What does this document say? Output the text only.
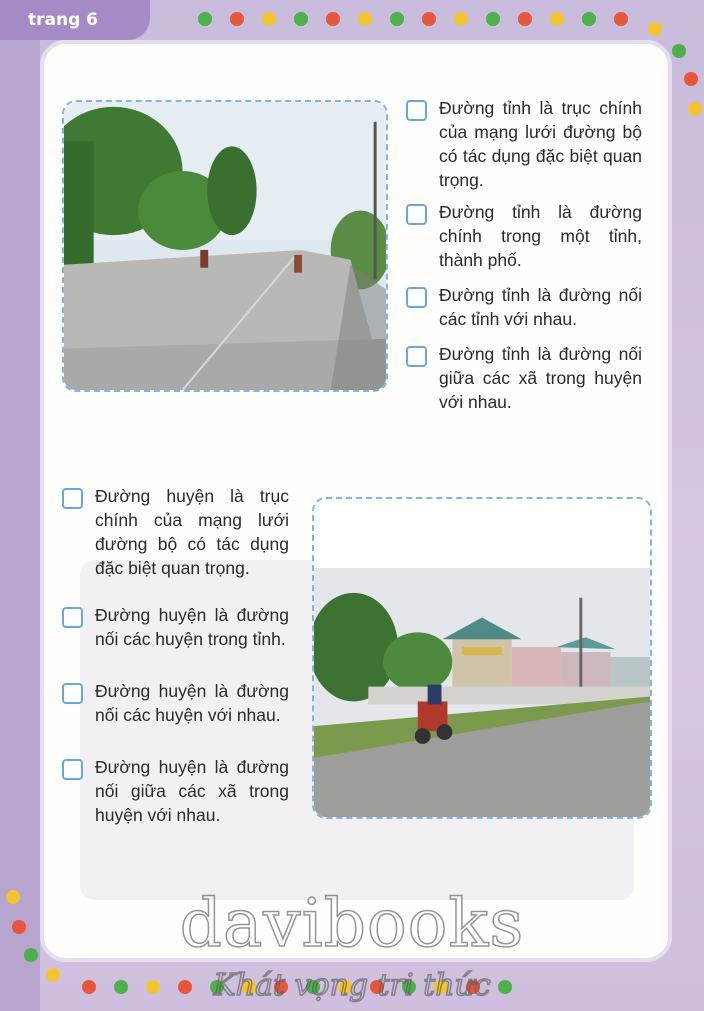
trang 6
Đường tỉnh là trục chính của mạng lưới đường bộ có tác dụng đặc biệt quan trọng.
Đường tỉnh là đường chính trong một tỉnh, thành phố.
Đường tỉnh là đường nối các tỉnh với nhau.
Đường tỉnh là đường nối giữa các xã trong huyện với nhau.
Đường huyện là trục chính của mạng lưới đường bộ có tác dụng đặc biệt quan trọng.
Đường huyện là đường nối các huyện trong tỉnh.
Đường huyện là đường nối các huyện với nhau.
Đường huyện là đường nối giữa các xã trong huyện với nhau.
davibooks
Khát vọng tri thức
